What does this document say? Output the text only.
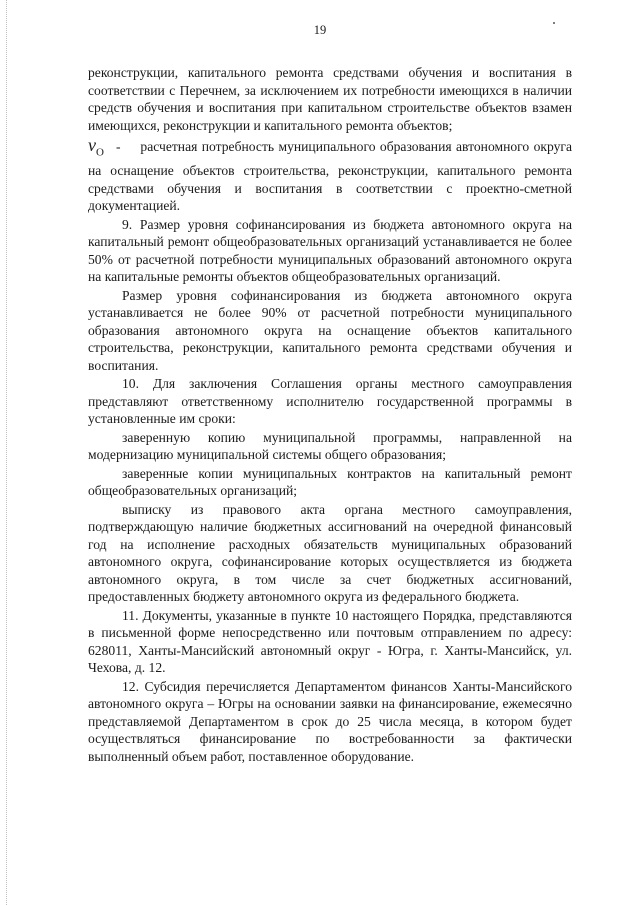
19

реконструкции, капитального ремонта средствами обучения и воспитания в соответствии с Перечнем, за исключением их потребности имеющихся в наличии средств обучения и воспитания при капитальном строительстве объектов взамен имеющихся, реконструкции и капитального ремонта объектов;

$v_О$ - расчетная потребность муниципального образования автономного округа на оснащение объектов строительства, реконструкции, капитального ремонта средствами обучения и воспитания в соответствии с проектно-сметной документацией.

9. Размер уровня софинансирования из бюджета автономного округа на капитальный ремонт общеобразовательных организаций устанавливается не более 50% от расчетной потребности муниципальных образований автономного округа на капитальные ремонты объектов общеобразовательных организаций.

Размер уровня софинансирования из бюджета автономного округа устанавливается не более 90% от расчетной потребности муниципального образования автономного округа на оснащение объектов капитального строительства, реконструкции, капитального ремонта средствами обучения и воспитания.

10. Для заключения Соглашения органы местного самоуправления представляют ответственному исполнителю государственной программы в установленные им сроки:

заверенную копию муниципальной программы, направленной на модернизацию муниципальной системы общего образования;

заверенные копии муниципальных контрактов на капитальный ремонт общеобразовательных организаций;

выписку из правового акта органа местного самоуправления, подтверждающую наличие бюджетных ассигнований на очередной финансовый год на исполнение расходных обязательств муниципальных образований автономного округа, софинансирование которых осуществляется из бюджета автономного округа, в том числе за счет бюджетных ассигнований, предоставленных бюджету автономного округа из федерального бюджета.

11. Документы, указанные в пункте 10 настоящего Порядка, представляются в письменной форме непосредственно или почтовым отправлением по адресу: 628011, Ханты-Мансийский автономный округ - Югра, г. Ханты-Мансийск, ул. Чехова, д. 12.

12. Субсидия перечисляется Департаментом финансов Ханты-Мансийского автономного округа – Югры на основании заявки на финансирование, ежемесячно представляемой Департаментом в срок до 25 числа месяца, в котором будет осуществляться финансирование по востребованности за фактически выполненный объем работ, поставленное оборудование.
